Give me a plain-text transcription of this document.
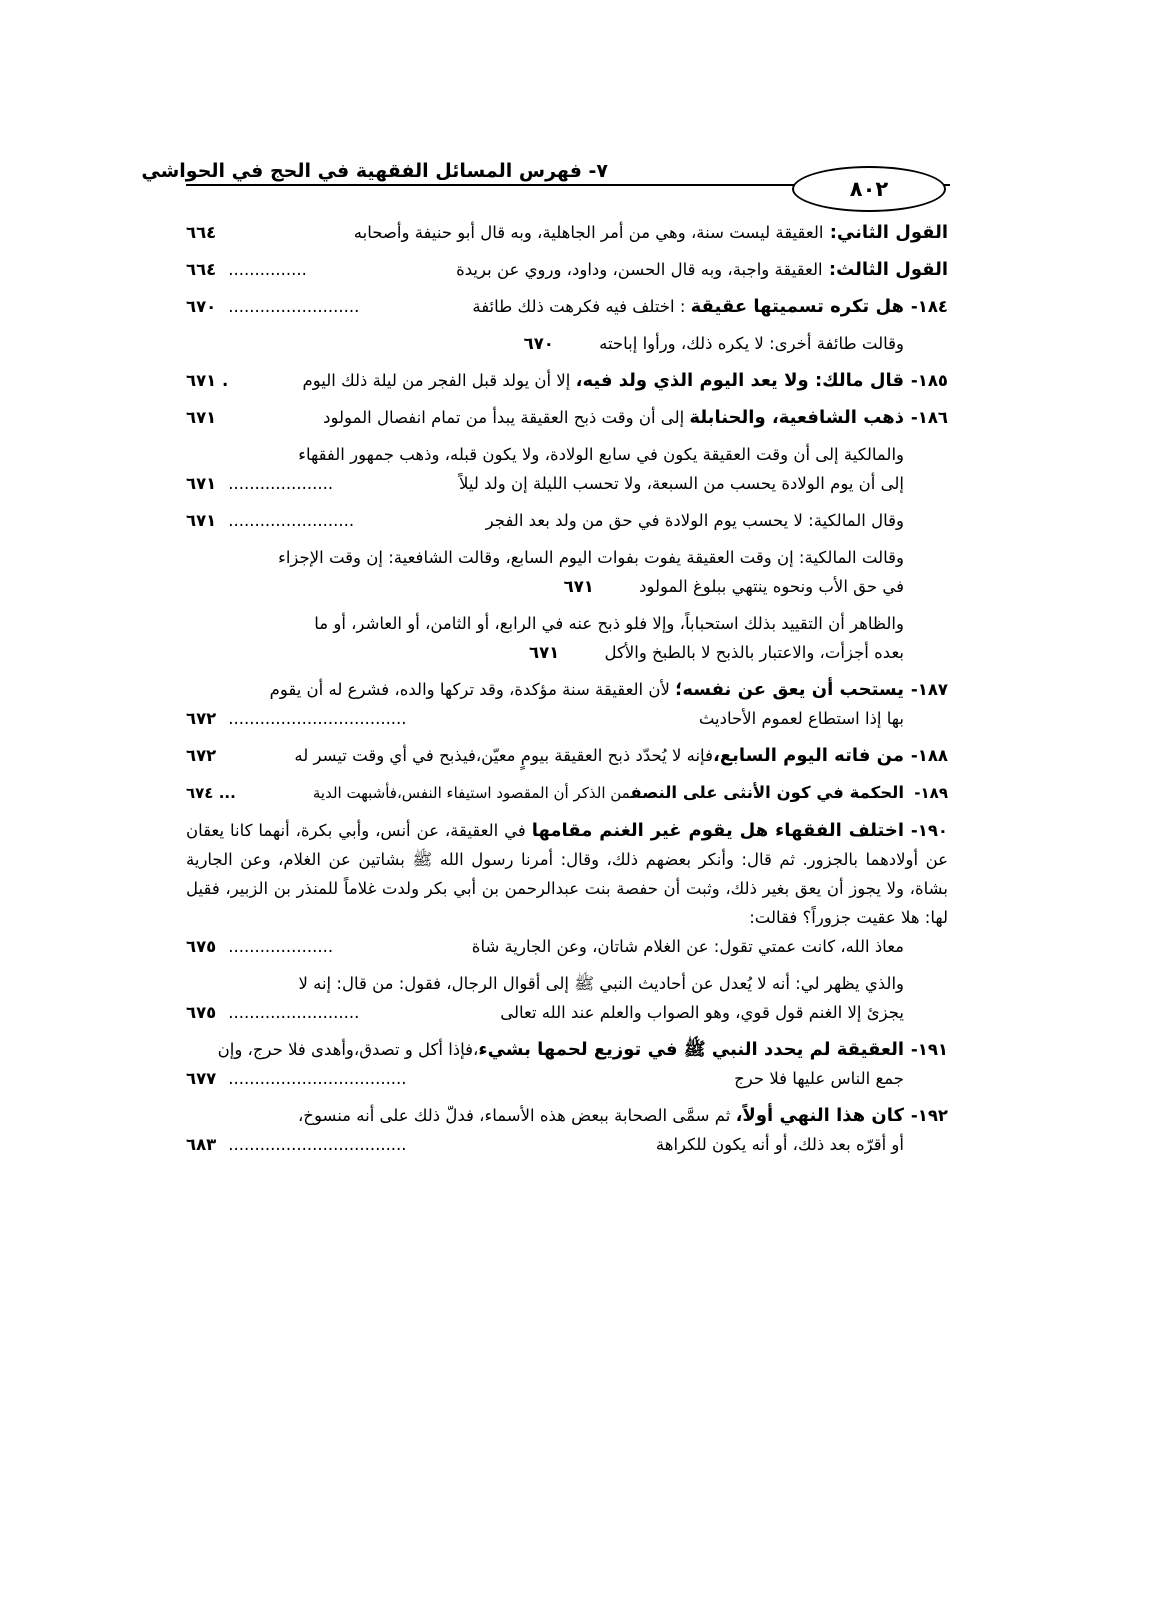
٧- فهرس المسائل الفقهية في الحج في الحواشي
٨٠٢
القول الثاني: العقيقة ليست سنة، وهي من أمر الجاهلية، وبه قال أبو حنيفة وأصحابه
٦٦٤
القول الثالث: العقيقة واجبة، وبه قال الحسن، وداود، وروي عن بريدة
...............٦٦٤
١٨٤-هل تكره تسميتها عقيقة : اختلف فيه فكرهت ذلك طائفة
.........................٦٧٠
وقالت طائفة أخرى: لا يكره ذلك، ورأوا إباحته ٦٧٠
١٨٥-قال مالك: ولا يعد اليوم الذي ولد فيه، إلا أن يولد قبل الفجر من ليلة ذلك اليوم
. ٦٧١
١٨٦-ذهب الشافعية، والحنابلة إلى أن وقت ذبح العقيقة يبدأ من تمام انفصال المولود
٦٧١
والمالكية إلى أن وقت العقيقة يكون في سابع الولادة، ولا يكون قبله، وذهب جمهور الفقهاء
إلى أن يوم الولادة يحسب من السبعة، ولا تحسب الليلة إن ولد ليلاً
....................٦٧١
وقال المالكية: لا يحسب يوم الولادة في حق من ولد بعد الفجر
........................٦٧١
وقالت المالكية: إن وقت العقيقة يفوت بفوات اليوم السابع، وقالت الشافعية: إن وقت الإجزاء
في حق الأب ونحوه ينتهي ببلوغ المولود ٦٧١
والظاهر أن التقييد بذلك استحباباً، وإلا فلو ذبح عنه في الرابع، أو الثامن، أو العاشر، أو ما
بعده أجزأت، والاعتبار بالذبح لا بالطبخ والأكل ٦٧١
١٨٧-يستحب أن يعق عن نفسه؛ لأن العقيقة سنة مؤكدة، وقد تركها والده، فشرع له أن يقوم
بها إذا استطاع لعموم الأحاديث
..................................٦٧٢
١٨٨-من فاته اليوم السابع،فإنه لا يُحدّد ذبح العقيقة بيومٍ معيّن،فيذبح في أي وقت تيسر له
٦٧٢
١٨٩-الحكمة في كون الأنثى على النصفمن الذكر أن المقصود استيفاء النفس،فأشبهت الدية
... ٦٧٤
١٩٠-اختلف الفقهاء هل يقوم غير الغنم مقامها في العقيقة، عن أنس، وأبي بكرة، أنهما كانا يعقان عن أولادهما بالجزور. ثم قال: وأنكر بعضهم ذلك، وقال: أمرنا رسول الله ﷺ بشاتين عن الغلام، وعن الجارية بشاة، ولا يجوز أن يعق بغير ذلك، وثبت أن حفصة بنت عبدالرحمن بن أبي بكر ولدت غلاماً للمنذر بن الزبير، فقيل لها: هلا عقيت جزوراً؟ فقالت:
معاذ الله، كانت عمتي تقول: عن الغلام شاتان، وعن الجارية شاة
....................٦٧٥
والذي يظهر لي: أنه لا يُعدل عن أحاديث النبي ﷺ إلى أقوال الرجال، فقول: من قال: إنه لا
يجزئ إلا الغنم قول قوي، وهو الصواب والعلم عند الله تعالى
.........................٦٧٥
١٩١-العقيقة لم يحدد النبي ﷺ في توزيع لحمها بشيء،فإذا أكل و تصدق،وأهدى فلا حرج، وإن
جمع الناس عليها فلا حرج
..................................٦٧٧
١٩٢-كان هذا النهي أولاً، ثم سمَّى الصحابة ببعض هذه الأسماء، فدلّ ذلك على أنه منسوخ،
أو أقرّه بعد ذلك، أو أنه يكون للكراهة
..................................٦٨٣
